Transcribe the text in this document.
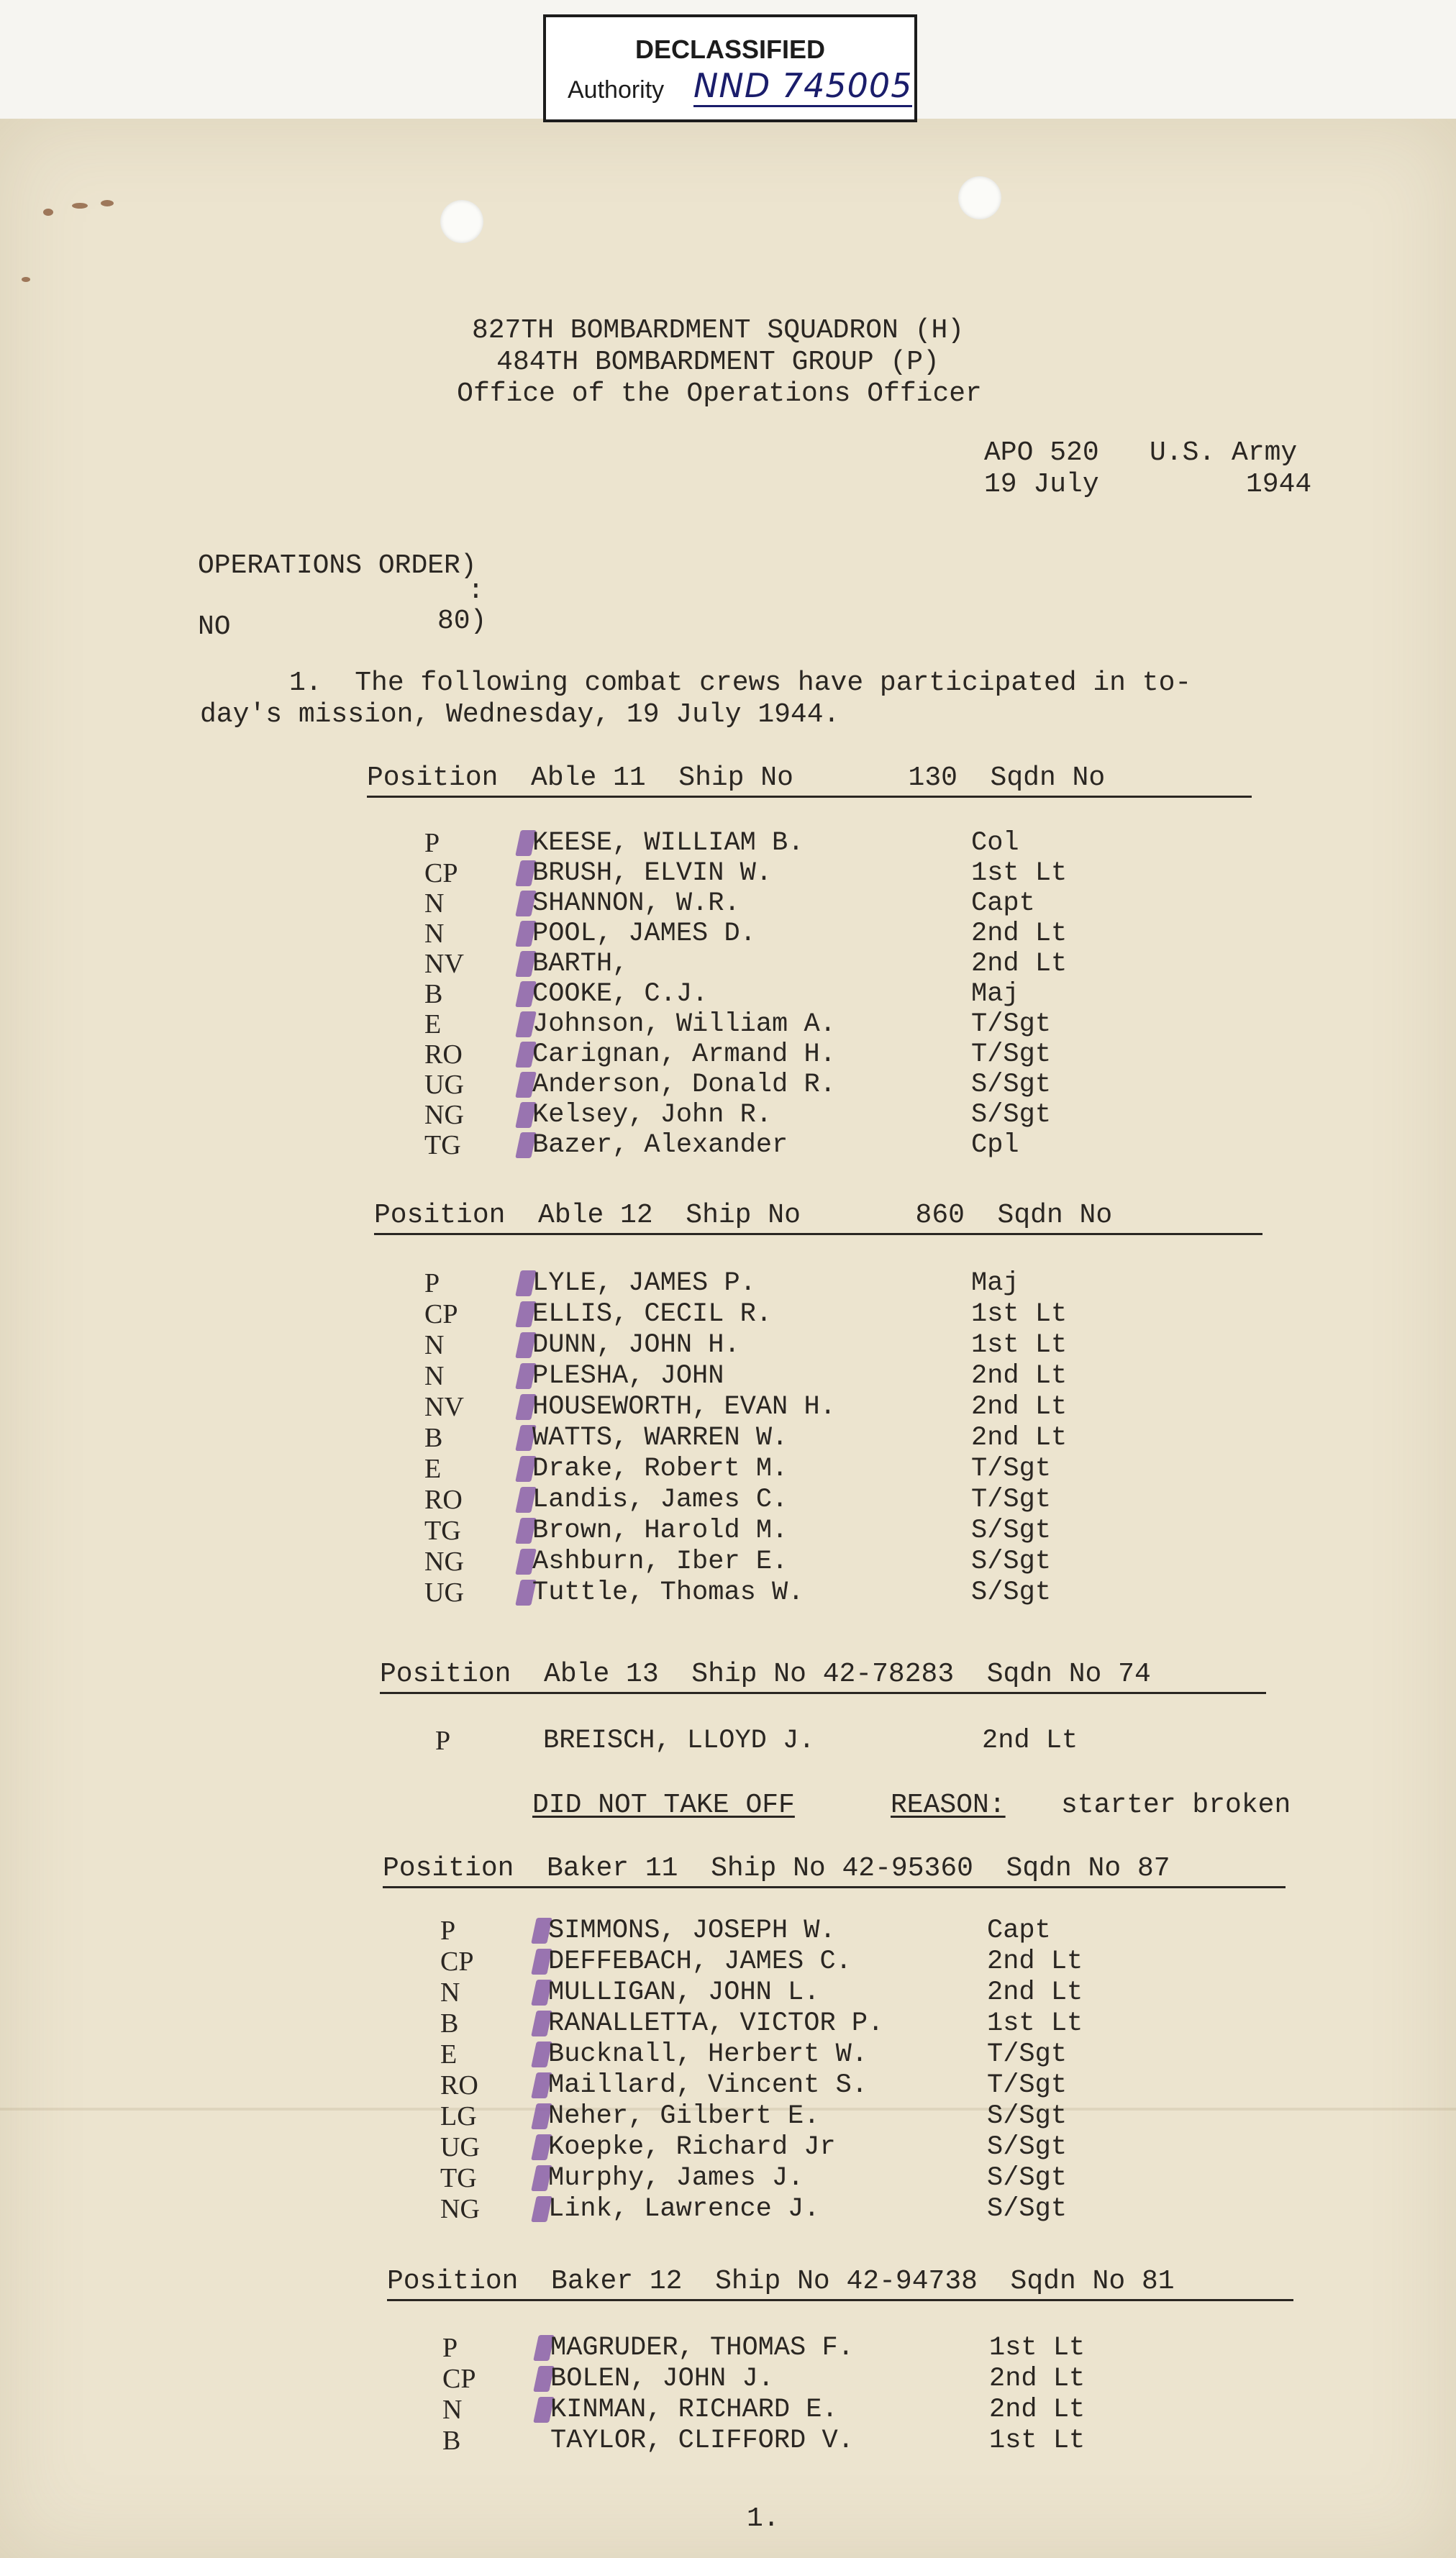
DECLASSIFIED
Authority NND 745005
827TH BOMBARDMENT SQUADRON (H)
484TH BOMBARDMENT GROUP (P)
Office of the Operations Officer
APO 520 U.S. Army
19 July	1944
OPERATIONS ORDER)
:
NO	80)
1.  The following combat crews have participated in to-
day's mission, Wednesday, 19 July 1944.
Position  Able 11  Ship No       130  Sqdn No
P	KEESE, WILLIAM B.	Col
CP	BRUSH, ELVIN W.	1st Lt
N	SHANNON, W.R.	Capt
N	POOL, JAMES D.	2nd Lt
NV	BARTH,	2nd Lt
B	COOKE, C.J.	Maj
E	Johnson, William A.	T/Sgt
RO	Carignan, Armand H.	T/Sgt
UG	Anderson, Donald R.	S/Sgt
NG	Kelsey, John R.	S/Sgt
TG	Bazer, Alexander	Cpl
Position  Able 12  Ship No       860  Sqdn No
P	LYLE, JAMES P.	Maj
CP	ELLIS, CECIL R.	1st Lt
N	DUNN, JOHN H.	1st Lt
N	PLESHA, JOHN	2nd Lt
NV	HOUSEWORTH, EVAN H.	2nd Lt
B	WATTS, WARREN W.	2nd Lt
E	Drake, Robert M.	T/Sgt
RO	Landis, James C.	T/Sgt
TG	Brown, Harold M.	S/Sgt
NG	Ashburn, Iber E.	S/Sgt
UG	Tuttle, Thomas W.	S/Sgt
Position  Able 13  Ship No 42-78283  Sqdn No 74
P	BREISCH, LLOYD J.	2nd Lt
DID NOT TAKE OFF	REASON: starter broken
Position  Baker 11  Ship No 42-95360  Sqdn No 87
P	SIMMONS, JOSEPH W.	Capt
CP	DEFFEBACH, JAMES C.	2nd Lt
N	MULLIGAN, JOHN L.	2nd Lt
B	RANALLETTA, VICTOR P.	1st Lt
E	Bucknall, Herbert W.	T/Sgt
RO	Maillard, Vincent S.	T/Sgt
LG	Neher, Gilbert E.	S/Sgt
UG	Koepke, Richard Jr	S/Sgt
TG	Murphy, James J.	S/Sgt
NG	Link, Lawrence J.	S/Sgt
Position  Baker 12  Ship No 42-94738  Sqdn No 81
P	MAGRUDER, THOMAS F.	1st Lt
CP	BOLEN, JOHN J.	2nd Lt
N	KINMAN, RICHARD E.	2nd Lt
B	TAYLOR, CLIFFORD V.	1st Lt
1.
